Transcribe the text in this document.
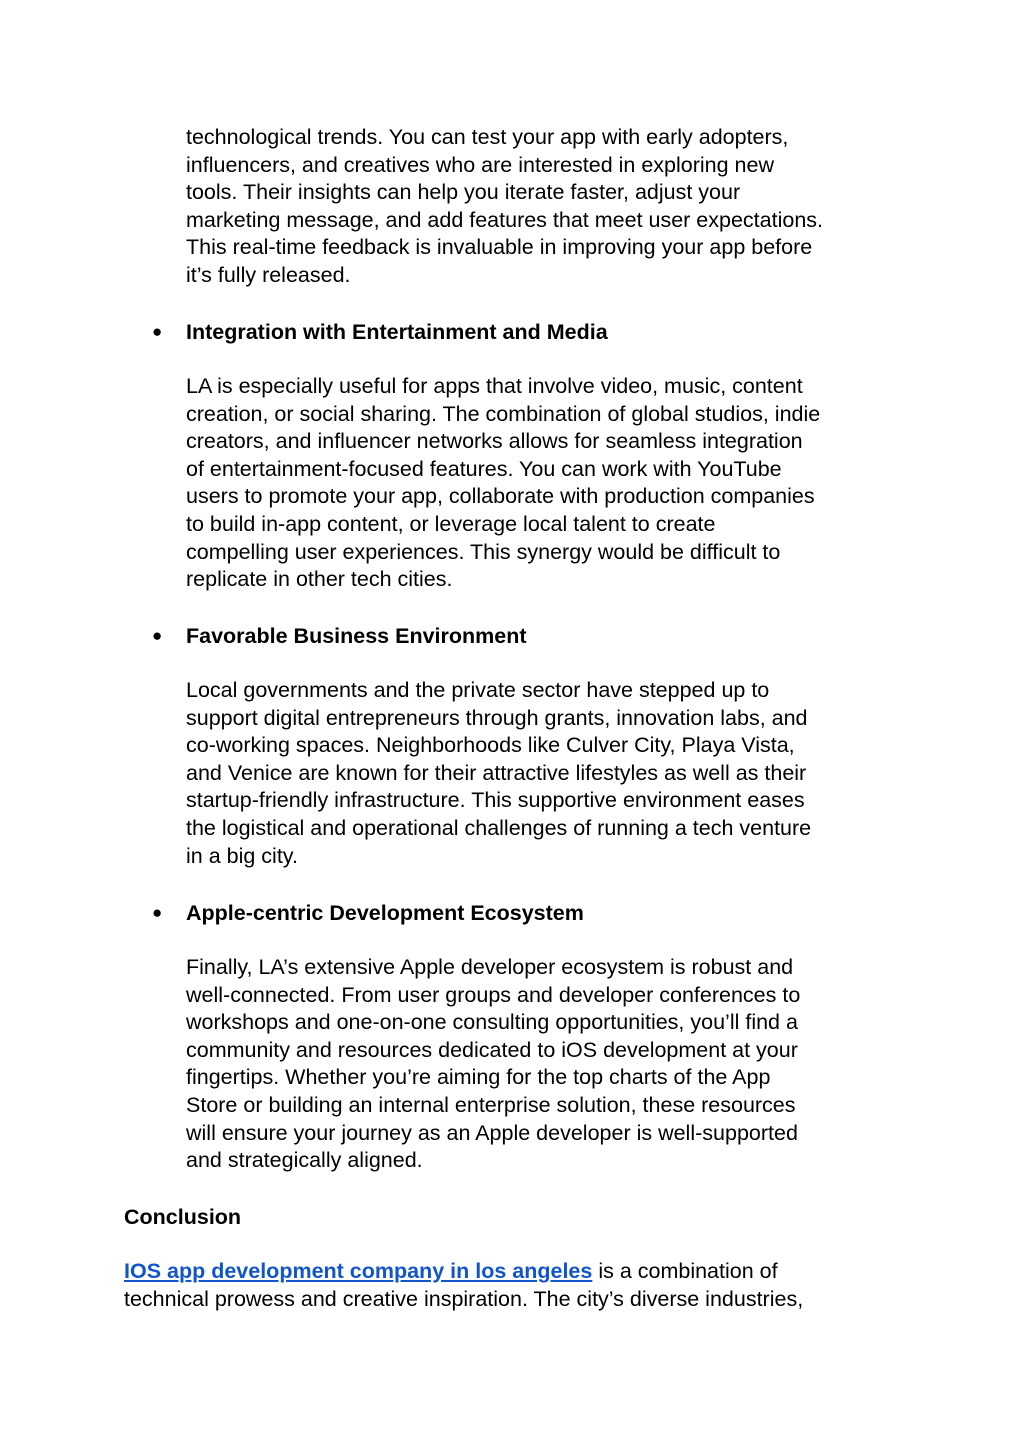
technological trends. You can test your app with early adopters,
influencers, and creatives who are interested in exploring new
tools. Their insights can help you iterate faster, adjust your
marketing message, and add features that meet user expectations.
This real-time feedback is invaluable in improving your app before
it’s fully released.
● Integration with Entertainment and Media
LA is especially useful for apps that involve video, music, content
creation, or social sharing. The combination of global studios, indie
creators, and influencer networks allows for seamless integration
of entertainment-focused features. You can work with YouTube
users to promote your app, collaborate with production companies
to build in-app content, or leverage local talent to create
compelling user experiences. This synergy would be difficult to
replicate in other tech cities.
● Favorable Business Environment
Local governments and the private sector have stepped up to
support digital entrepreneurs through grants, innovation labs, and
co-working spaces. Neighborhoods like Culver City, Playa Vista,
and Venice are known for their attractive lifestyles as well as their
startup-friendly infrastructure. This supportive environment eases
the logistical and operational challenges of running a tech venture
in a big city.
● Apple-centric Development Ecosystem
Finally, LA’s extensive Apple developer ecosystem is robust and
well-connected. From user groups and developer conferences to
workshops and one-on-one consulting opportunities, you’ll find a
community and resources dedicated to iOS development at your
fingertips. Whether you’re aiming for the top charts of the App
Store or building an internal enterprise solution, these resources
will ensure your journey as an Apple developer is well-supported
and strategically aligned.
Conclusion
IOS app development company in los angeles is a combination of
technical prowess and creative inspiration. The city’s diverse industries,
